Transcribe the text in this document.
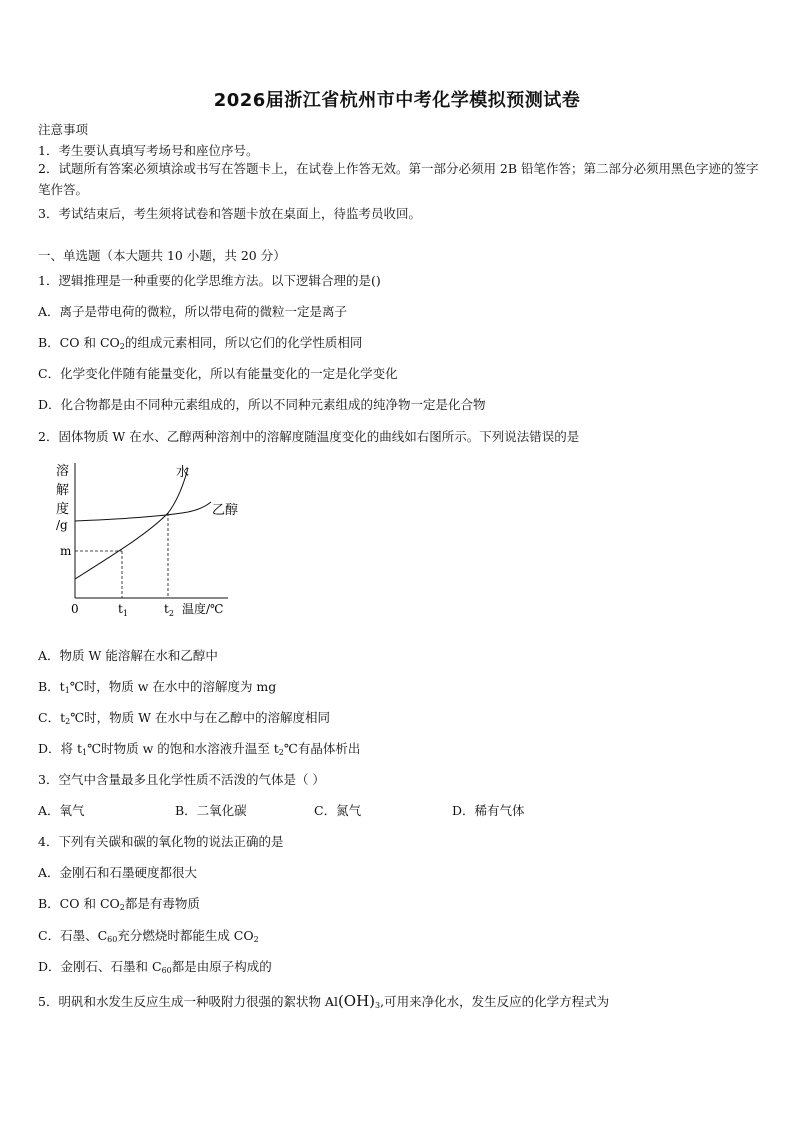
2026届浙江省杭州市中考化学模拟预测试卷
注意事项
1．考生要认真填写考场号和座位序号。
2．试题所有答案必须填涂或书写在答题卡上，在试卷上作答无效。第一部分必须用 2B 铅笔作答；第二部分必须用黑色字迹的签字笔作答。
3．考试结束后，考生须将试卷和答题卡放在桌面上，待监考员收回。
一、单选题（本大题共 10 小题，共 20 分）
1．逻辑推理是一种重要的化学思维方法。以下逻辑合理的是()
A．离子是带电荷的微粒，所以带电荷的微粒一定是离子
B．CO 和 $CO_2$的组成元素相同，所以它们的化学性质相同
C．化学变化伴随有能量变化，所以有能量变化的一定是化学变化
D．化合物都是由不同种元素组成的，所以不同种元素组成的纯净物一定是化合物
2．固体物质 W 在水、乙醇两种溶剂中的溶解度随温度变化的曲线如右图所示。下列说法错误的是
溶
解
度
/g
水
乙醇
m
0	$t_1$	$t_2$ 温度/℃
A．物质 W 能溶解在水和乙醇中
B．$t_1℃$时，物质 w 在水中的溶解度为 mg
C．$t_2℃$时，物质 W 在水中与在乙醇中的溶解度相同
D．将 $t_1℃$时物质 w 的饱和水溶液升温至 $t_2℃$有晶体析出
3．空气中含量最多且化学性质不活泼的气体是（ ）
A．氧气	B．二氧化碳	C．氮气	D．稀有气体
4．下列有关碳和碳的氧化物的说法正确的是
A．金刚石和石墨硬度都很大
B．CO 和 $CO_2$都是有毒物质
C．石墨、$C_{60}$充分燃烧时都能生成 $CO_2$
D．金刚石、石墨和 $C_{60}$都是由原子构成的
5．明矾和水发生反应生成一种吸附力很强的絮状物 $Al(OH)_3$,可用来净化水，发生反应的化学方程式为
